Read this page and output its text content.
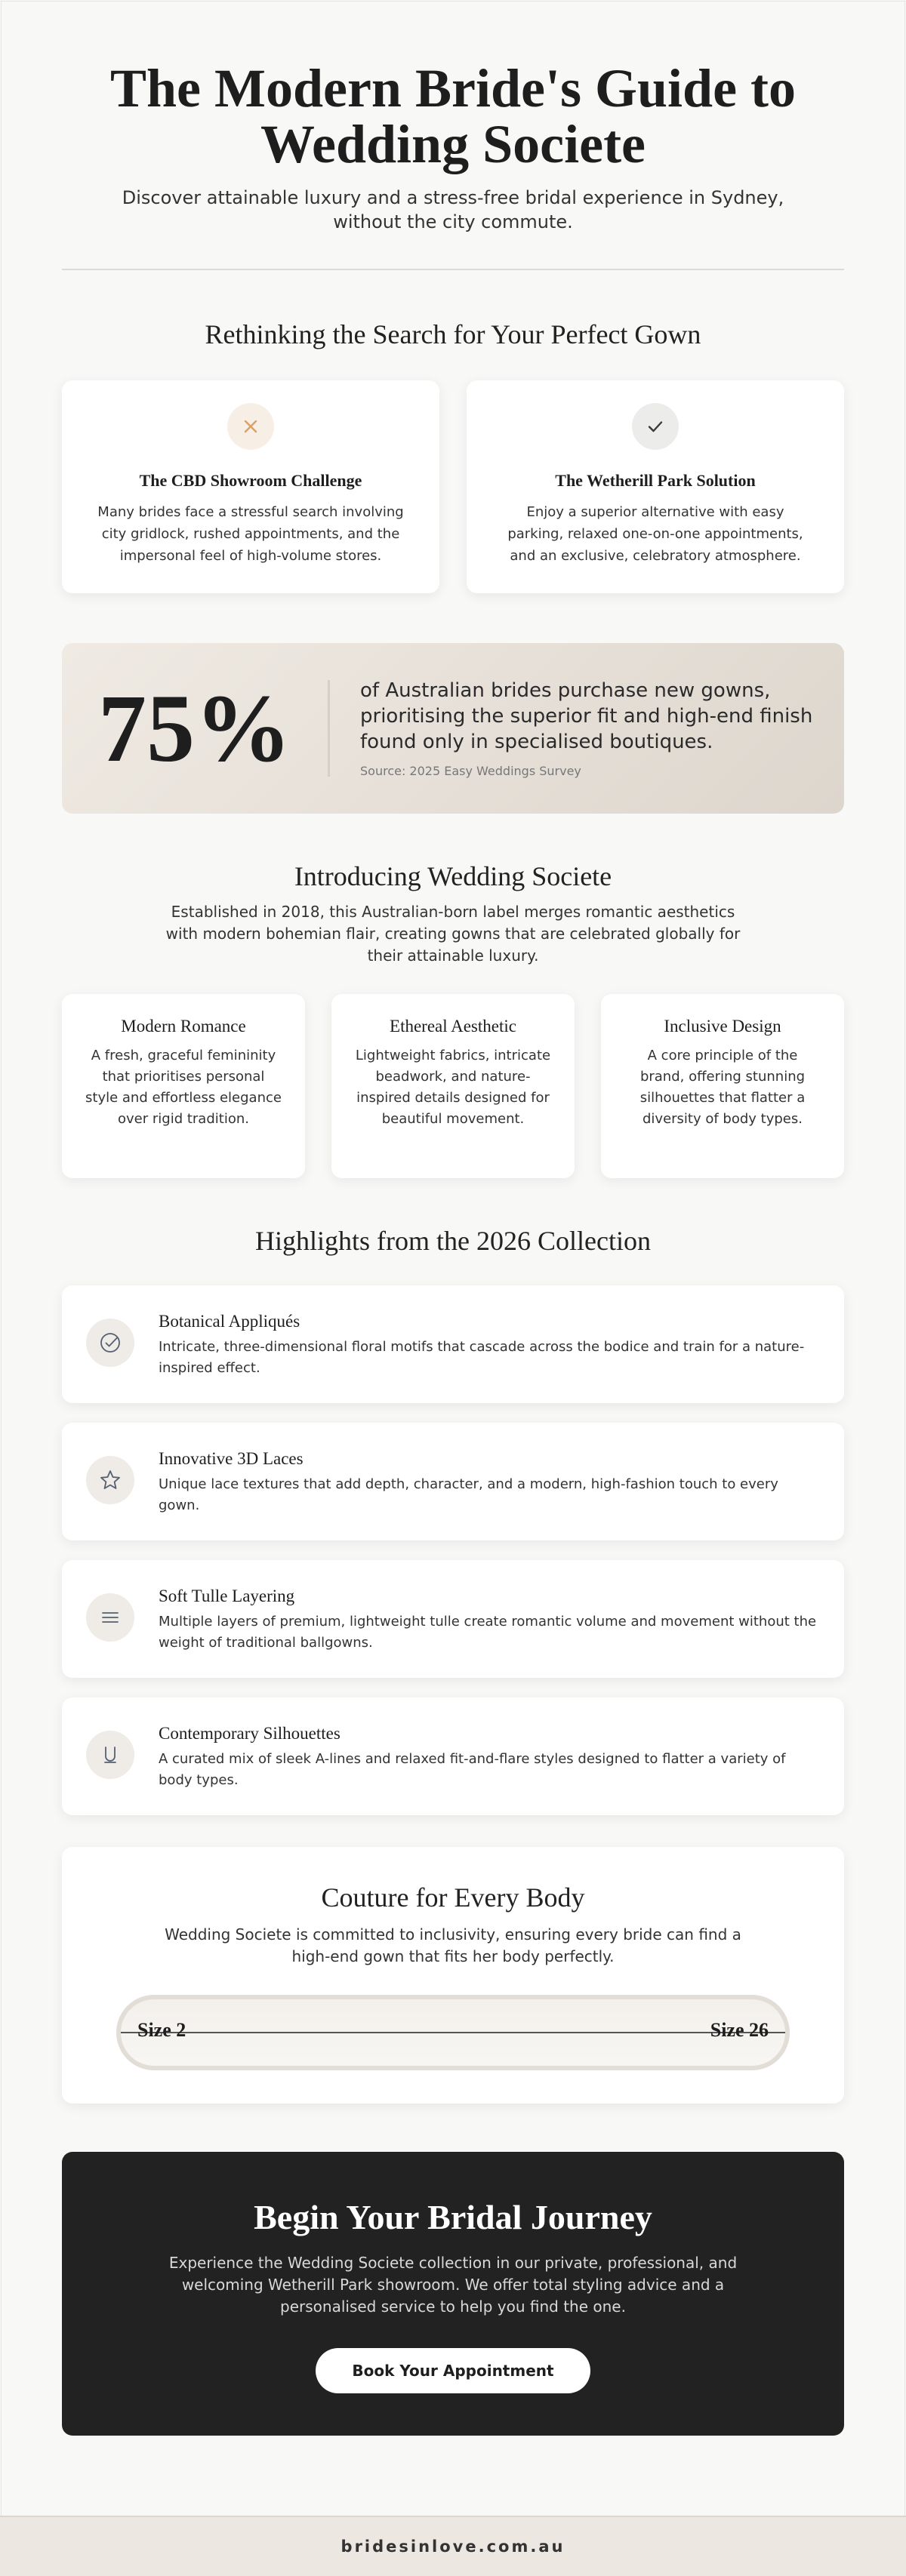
The Modern Bride's Guide to Wedding Societe

Discover attainable luxury and a stress-free bridal experience in Sydney, without the city commute.

Rethinking the Search for Your Perfect Gown
The CBD Showroom Challenge

Many brides face a stressful search involving city gridlock, rushed appointments, and the impersonal feel of high-volume stores.

The Wetherill Park Solution

Enjoy a superior alternative with easy parking, relaxed one-on-one appointments, and an exclusive, celebratory atmosphere.

75%	of Australian brides purchase new gowns, prioritising the superior fit and high-end finish found only in specialised boutiques.

Source: 2025 Easy Weddings Survey
Introducing Wedding Societe

Established in 2018, this Australian-born label merges romantic aesthetics with modern bohemian flair, creating gowns that are celebrated globally for their attainable luxury.

Modern Romance

A fresh, graceful femininity that prioritises personal style and effortless elegance over rigid tradition.

Ethereal Aesthetic

Lightweight fabrics, intricate beadwork, and nature-inspired details designed for beautiful movement.

Inclusive Design

A core principle of the brand, offering stunning silhouettes that flatter a diversity of body types.

Highlights from the 2026 Collection
Botanical Appliqués

Intricate, three-dimensional floral motifs that cascade across the bodice and train for a nature-inspired effect.

Innovative 3D Laces

Unique lace textures that add depth, character, and a modern, high-fashion touch to every gown.

Soft Tulle Layering

Multiple layers of premium, lightweight tulle create romantic volume and movement without the weight of traditional ballgowns.

Contemporary Silhouettes

A curated mix of sleek A-lines and relaxed fit-and-flare styles designed to flatter a variety of body types.

Couture for Every Body

Wedding Societe is committed to inclusivity, ensuring every bride can find a high-end gown that fits her body perfectly.

Size 2	Size 26
Begin Your Bridal Journey

Experience the Wedding Societe collection in our private, professional, and welcoming Wetherill Park showroom. We offer total styling advice and a personalised service to help you find the one.

Book Your Appointment
bridesinlove.com.au
